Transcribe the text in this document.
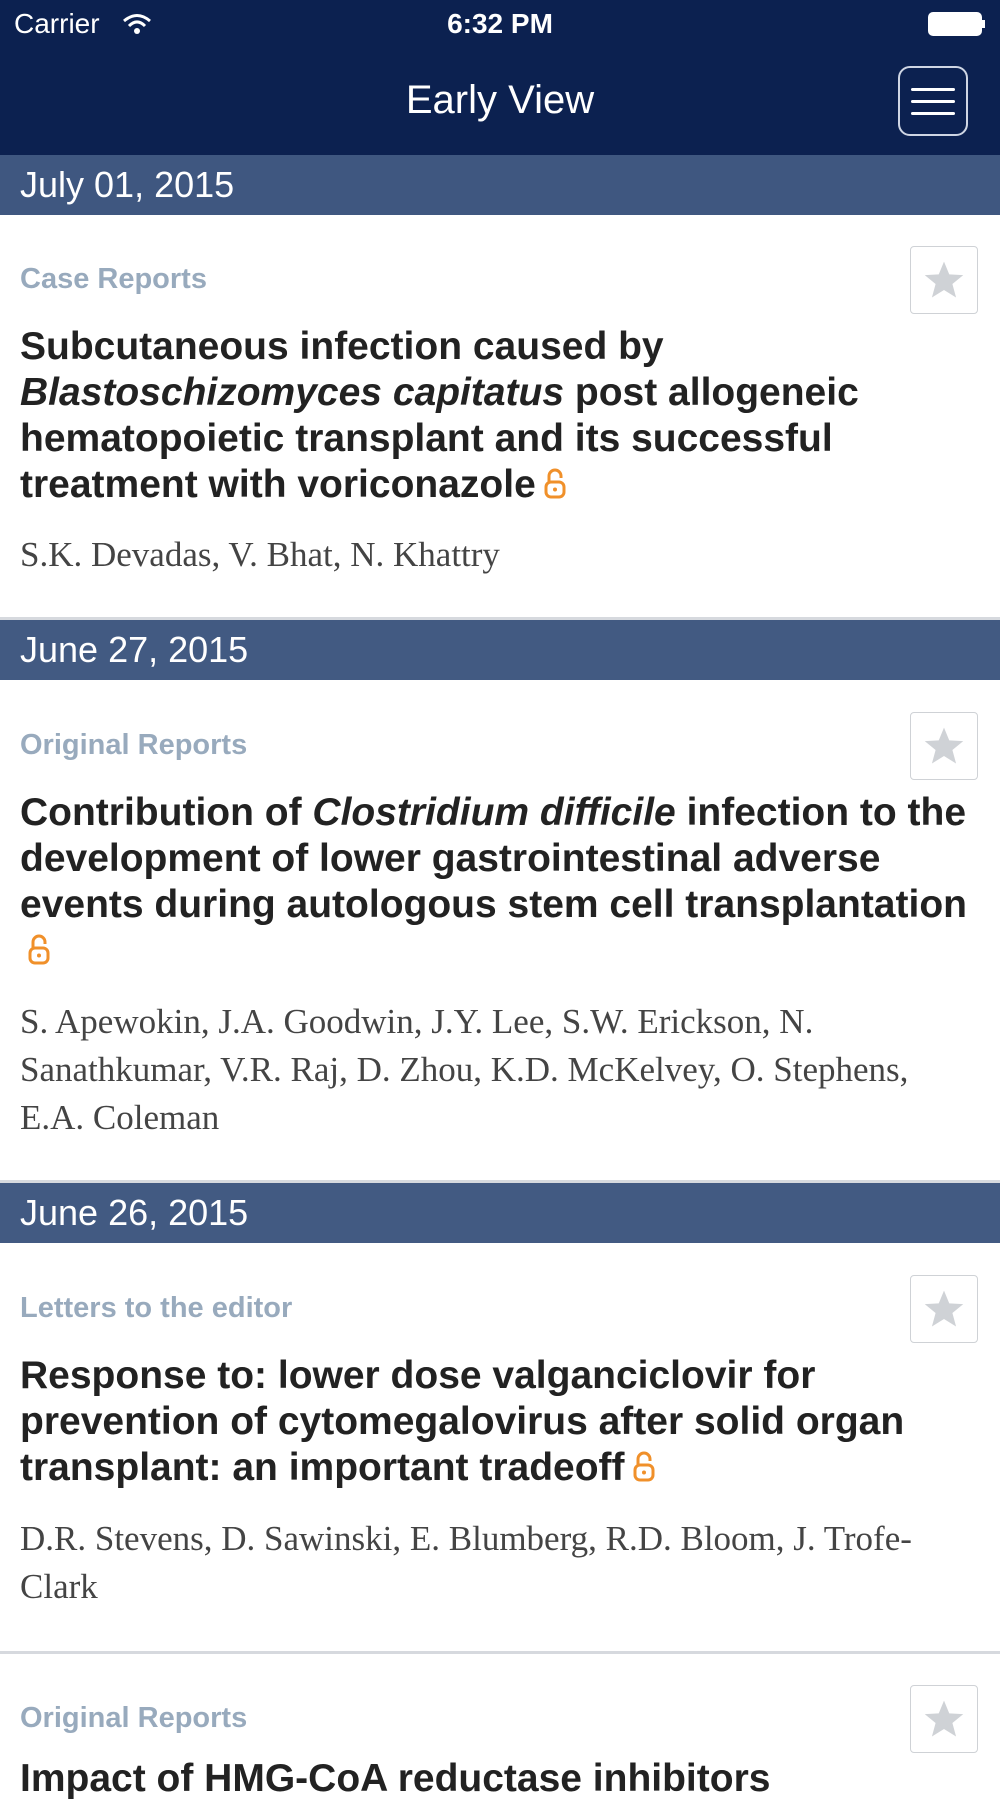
Carrier	6:32 PM
Early View
July 01, 2015
Case Reports
Subcutaneous infection caused by Blastoschizomyces capitatus post allogeneic hematopoietic transplant and its successful treatment with voriconazole
S.K. Devadas, V. Bhat, N. Khattry
June 27, 2015
Original Reports
Contribution of Clostridium difficile infection to the development of lower gastrointestinal adverse events during autologous stem cell transplantation
S. Apewokin, J.A. Goodwin, J.Y. Lee, S.W. Erickson, N. Sanathkumar, V.R. Raj, D. Zhou, K.D. McKelvey, O. Stephens, E.A. Coleman
June 26, 2015
Letters to the editor
Response to: lower dose valganciclovir for prevention of cytomegalovirus after solid organ transplant: an important tradeoff
D.R. Stevens, D. Sawinski, E. Blumberg, R.D. Bloom, J. Trofe-Clark
Original Reports
Impact of HMG-CoA reductase inhibitors
